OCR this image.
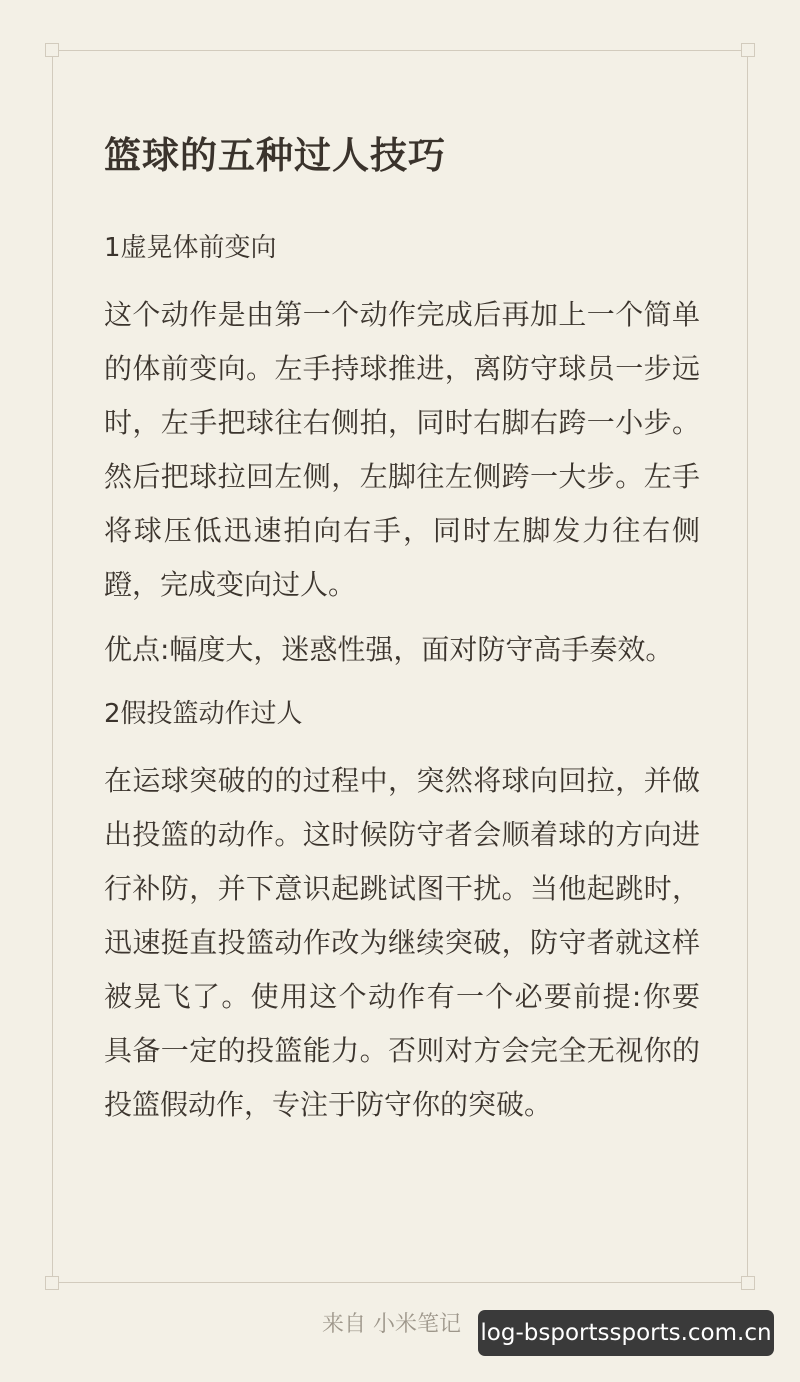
篮球的五种过人技巧

1虚晃体前变向

这个动作是由第一个动作完成后再加上一个简单的体前变向。左手持球推进，离防守球员一步远时，左手把球往右侧拍，同时右脚右跨一小步。然后把球拉回左侧，左脚往左侧跨一大步。左手将球压低迅速拍向右手，同时左脚发力往右侧蹬，完成变向过人。

优点:幅度大，迷惑性强，面对防守高手奏效。

2假投篮动作过人

在运球突破的的过程中，突然将球向回拉，并做出投篮的动作。这时候防守者会顺着球的方向进行补防，并下意识起跳试图干扰。当他起跳时，迅速挺直投篮动作改为继续突破，防守者就这样被晃飞了。使用这个动作有一个必要前提:你要具备一定的投篮能力。否则对方会完全无视你的投篮假动作，专注于防守你的突破。

来自 小米笔记 log-bsportssports.com.cn
